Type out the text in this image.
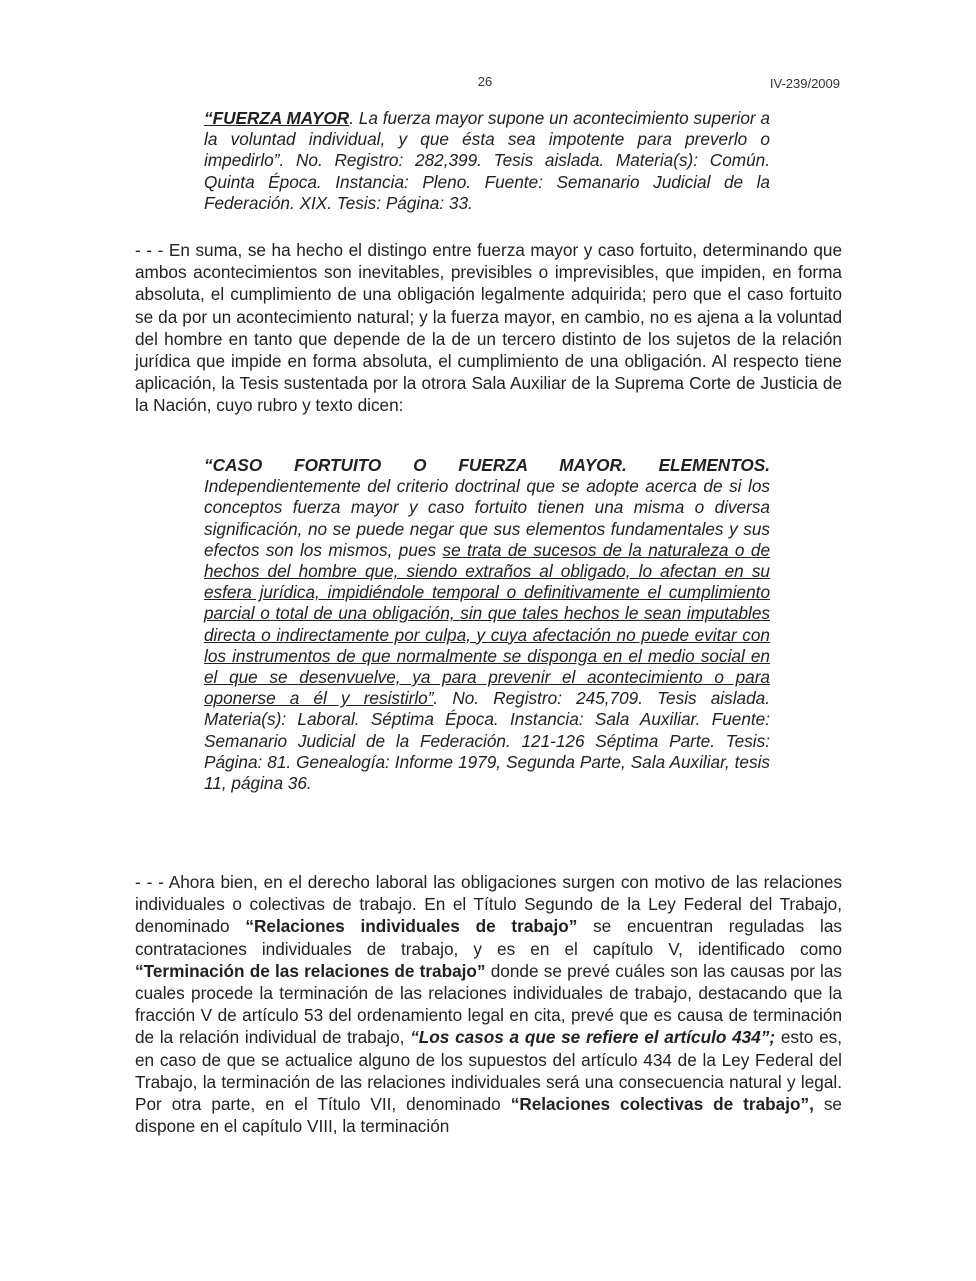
26	IV-239/2009
“FUERZA MAYOR. La fuerza mayor supone un acontecimiento superior a la voluntad individual, y que ésta sea impotente para preverlo o impedirlo”. No. Registro: 282,399. Tesis aislada. Materia(s): Común. Quinta Época. Instancia: Pleno. Fuente: Semanario Judicial de la Federación. XIX. Tesis: Página: 33.
- - - En suma, se ha hecho el distingo entre fuerza mayor y caso fortuito, determinando que ambos acontecimientos son inevitables, previsibles o imprevisibles, que impiden, en forma absoluta, el cumplimiento de una obligación legalmente adquirida; pero que el caso fortuito se da por un acontecimiento natural; y la fuerza mayor, en cambio, no es ajena a la voluntad del hombre en tanto que depende de la de un tercero distinto de los sujetos de la relación jurídica que impide en forma absoluta, el cumplimiento de una obligación. Al respecto tiene aplicación, la Tesis sustentada por la otrora Sala Auxiliar de la Suprema Corte de Justicia de la Nación, cuyo rubro y texto dicen:
“CASO FORTUITO O FUERZA MAYOR. ELEMENTOS. Independientemente del criterio doctrinal que se adopte acerca de si los conceptos fuerza mayor y caso fortuito tienen una misma o diversa significación, no se puede negar que sus elementos fundamentales y sus efectos son los mismos, pues se trata de sucesos de la naturaleza o de hechos del hombre que, siendo extraños al obligado, lo afectan en su esfera jurídica, impidiéndole temporal o definitivamente el cumplimiento parcial o total de una obligación, sin que tales hechos le sean imputables directa o indirectamente por culpa, y cuya afectación no puede evitar con los instrumentos de que normalmente se disponga en el medio social en el que se desenvuelve, ya para prevenir el acontecimiento o para oponerse a él y resistirlo”. No. Registro: 245,709. Tesis aislada. Materia(s): Laboral. Séptima Época. Instancia: Sala Auxiliar. Fuente: Semanario Judicial de la Federación. 121-126 Séptima Parte. Tesis: Página: 81. Genealogía: Informe 1979, Segunda Parte, Sala Auxiliar, tesis 11, página 36.
- - - Ahora bien, en el derecho laboral las obligaciones surgen con motivo de las relaciones individuales o colectivas de trabajo. En el Título Segundo de la Ley Federal del Trabajo, denominado “Relaciones individuales de trabajo” se encuentran reguladas las contrataciones individuales de trabajo, y es en el capítulo V, identificado como “Terminación de las relaciones de trabajo” donde se prevé cuáles son las causas por las cuales procede la terminación de las relaciones individuales de trabajo, destacando que la fracción V de artículo 53 del ordenamiento legal en cita, prevé que es causa de terminación de la relación individual de trabajo, “Los casos a que se refiere el artículo 434”; esto es, en caso de que se actualice alguno de los supuestos del artículo 434 de la Ley Federal del Trabajo, la terminación de las relaciones individuales será una consecuencia natural y legal. Por otra parte, en el Título VII, denominado “Relaciones colectivas de trabajo”, se dispone en el capítulo VIII, la terminación
